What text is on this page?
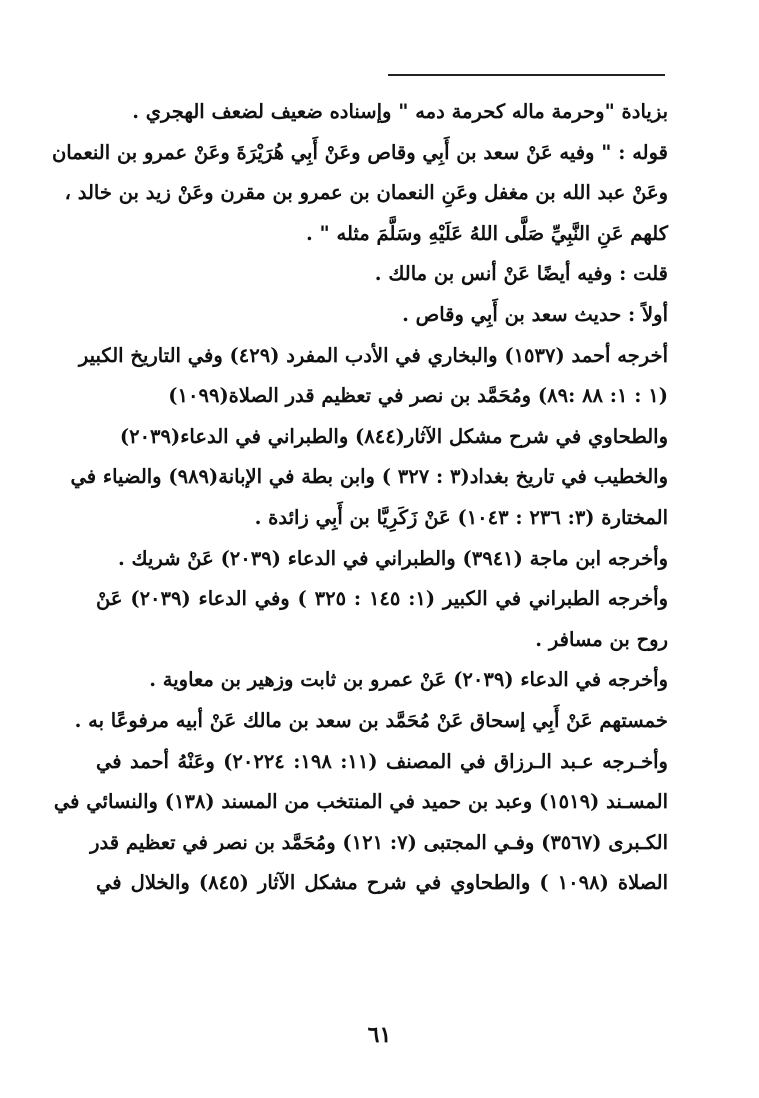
بزيادة "وحرمة ماله كحرمة دمه " وإسناده ضعيف لضعف الهجري .
قوله : " وفيه عَنْ سعد بن أَبِي وقاص وعَنْ أَبِي هُرَيْرَةَ وعَنْ عمرو بن النعمان
وعَنْ عبد الله بن مغفل وعَنِ النعمان بن عمرو بن مقرن وعَنْ زيد بن خالد ،
كلهم عَنِ النَّبِيِّ صَلَّى اللهُ عَلَيْهِ وسَلَّمَ مثله " .
قلت : وفيه أيضًا عَنْ أنس بن مالك .
أولاً : حديث سعد بن أَبِي وقاص .
أخرجه أحمد (١٥٣٧) والبخاري في الأدب المفرد (٤٢٩) وفي التاريخ الكبير
(١ : ١: ٨٨ :٨٩) ومُحَمَّد بن نصر في تعظيم قدر الصلاة(١٠٩٩)
والطحاوي في شرح مشكل الآثار(٨٤٤) والطبراني في الدعاء(٢٠٣٩)
والخطيب في تاريخ بغداد(٣ : ٣٢٧ ) وابن بطة في الإبانة(٩٨٩) والضياء في
المختارة (٣: ٢٣٦ : ١٠٤٣) عَنْ زَكَرِيَّا بن أَبِي زائدة .
وأخرجه ابن ماجة (٣٩٤١) والطبراني في الدعاء (٢٠٣٩) عَنْ شريك .
وأخرجه الطبراني في الكبير (١: ١٤٥ : ٣٢٥ ) وفي الدعاء (٢٠٣٩) عَنْ
روح بن مسافر .
وأخرجه في الدعاء (٢٠٣٩) عَنْ عمرو بن ثابت وزهير بن معاوية .
خمستهم عَنْ أَبِي إسحاق عَنْ مُحَمَّد بن سعد بن مالك عَنْ أبيه مرفوعًا به .
وأخـرجه عـبد الـرزاق في المصنف (١١: ١٩٨: ٢٠٢٢٤) وعَنْهُ أحمد في
المسـند (١٥١٩) وعبد بن حميد في المنتخب من المسند (١٣٨) والنسائي في
الكـبرى (٣٥٦٧) وفـي المجتبى (٧: ١٢١) ومُحَمَّد بن نصر في تعظيم قدر
الصلاة (١٠٩٨ ) والطحاوي في شرح مشكل الآثار (٨٤٥) والخلال في
٦١
